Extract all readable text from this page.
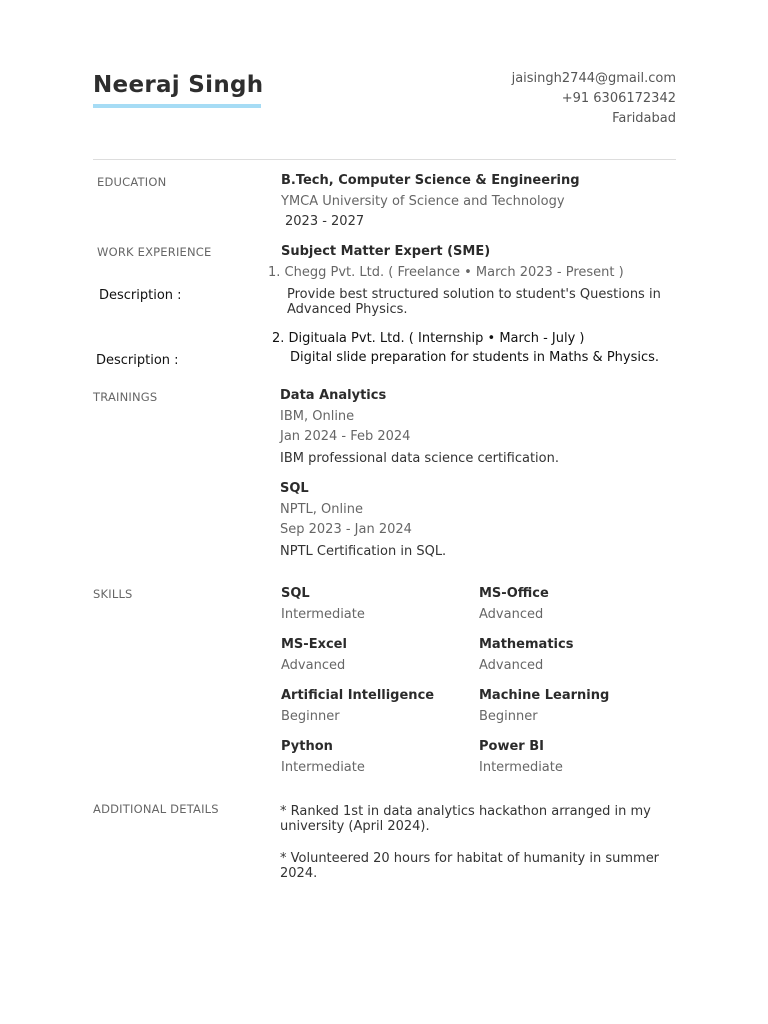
Neeraj Singh	jaisingh2744@gmail.com
+91 6306172342
Faridabad
EDUCATION	B.Tech, Computer Science & Engineering
YMCA University of Science and Technology
2023 - 2027
WORK EXPERIENCE	Subject Matter Expert (SME)
1. Chegg Pvt. Ltd. ( Freelance • March 2023 - Present )
Description :	Provide best structured solution to student's Questions in Advanced Physics.
2. Digituala Pvt. Ltd. ( Internship • March - July )
Description :	Digital slide preparation for students in Maths & Physics.
TRAININGS	Data Analytics
IBM, Online
Jan 2024 - Feb 2024
IBM professional data science certification.
SQL
NPTL, Online
Sep 2023 - Jan 2024
NPTL Certification in SQL.
SKILLS	SQL
Intermediate
MS-Office
Advanced
MS-Excel
Advanced
Mathematics
Advanced
Artificial Intelligence
Beginner
Machine Learning
Beginner
Python
Intermediate
Power BI
Intermediate
ADDITIONAL DETAILS	* Ranked 1st in data analytics hackathon arranged in my university (April 2024).
* Volunteered 20 hours for habitat of humanity in summer 2024.
